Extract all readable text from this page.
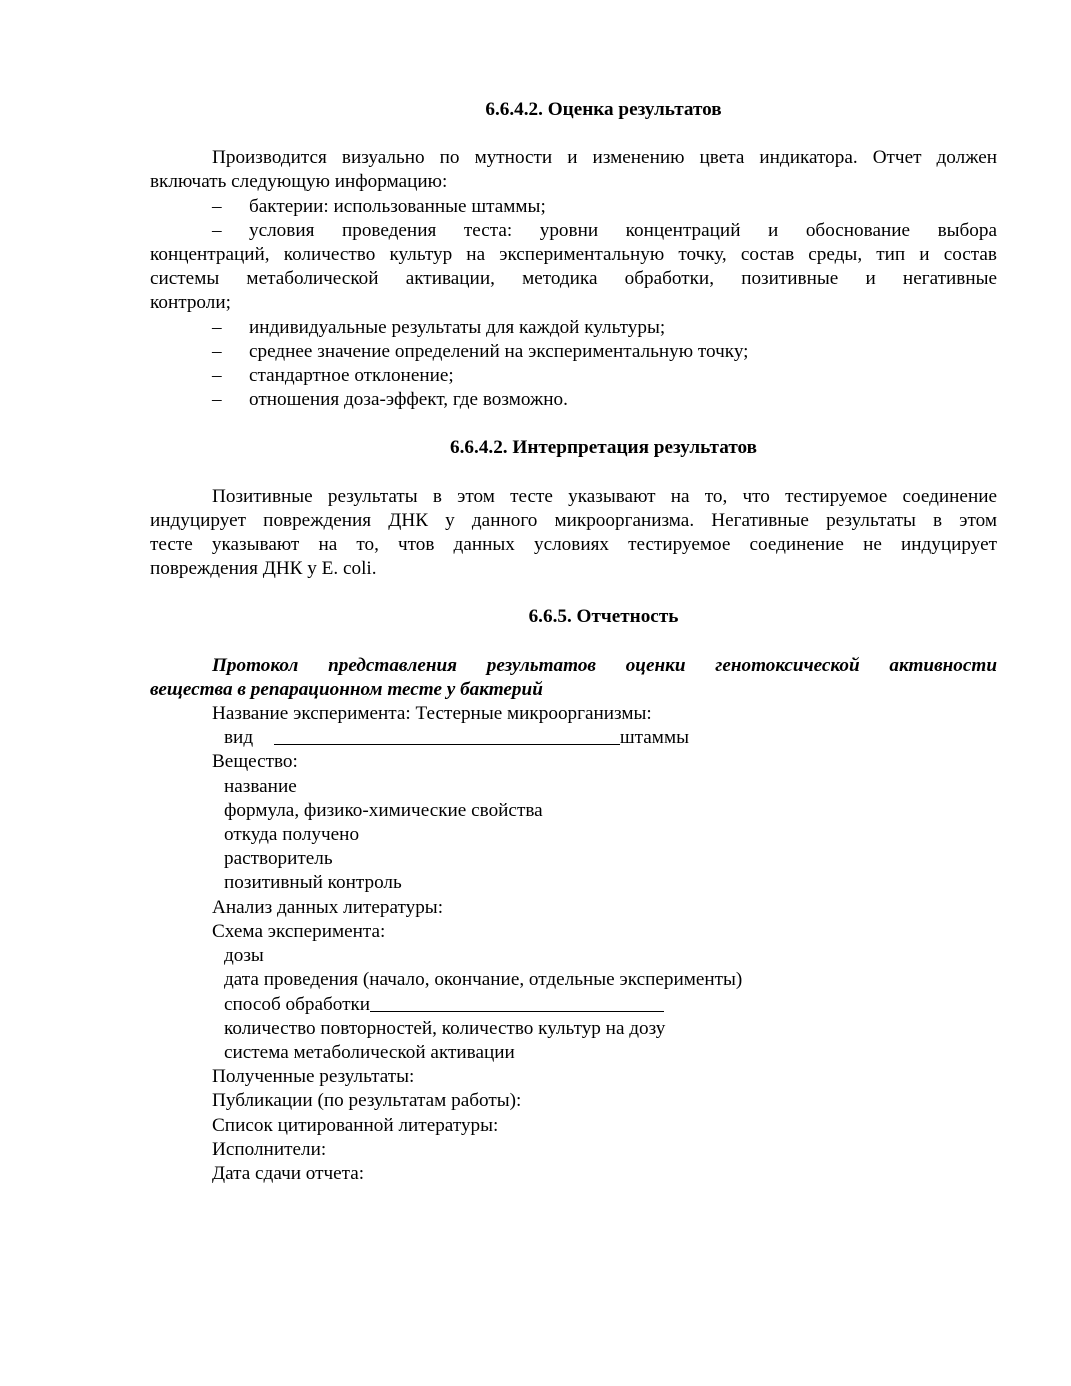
6.6.4.2. Оценка результатов
Производится визуально по мутности и изменению цвета индикатора. Отчет должен
включать следующую информацию:
– бактерии: использованные штаммы;
– условия проведения теста: уровни концентраций и обоснование выбора
концентраций, количество культур на экспериментальную точку, состав среды, тип и состав
системы метаболической активации, методика обработки, позитивные и негативные
контроли;
– индивидуальные результаты для каждой культуры;
– среднее значение определений на экспериментальную точку;
– стандартное отклонение;
– отношения доза-эффект, где возможно.
6.6.4.2. Интерпретация результатов
Позитивные результаты в этом тесте указывают на то, что тестируемое соединение
индуцирует повреждения ДНК у данного микроорганизма. Негативные результаты в этом
тесте указывают на то, чтов данных условиях тестируемое соединение не индуцирует
повреждения ДНК у E. coli.
6.6.5. Отчетность
Протокол представления результатов оценки генотоксической активности
вещества в репарационном тесте у бактерий
Название эксперимента: Тестерные микроорганизмы:
вид	штаммы
Вещество:
название
формула, физико-химические свойства
откуда получено
растворитель
позитивный контроль
Анализ данных литературы:
Схема эксперимента:
дозы
дата проведения (начало, окончание, отдельные эксперименты)
способ обработки
количество повторностей, количество культур на дозу
система метаболической активации
Полученные результаты:
Публикации (по результатам работы):
Список цитированной литературы:
Исполнители:
Дата сдачи отчета:
